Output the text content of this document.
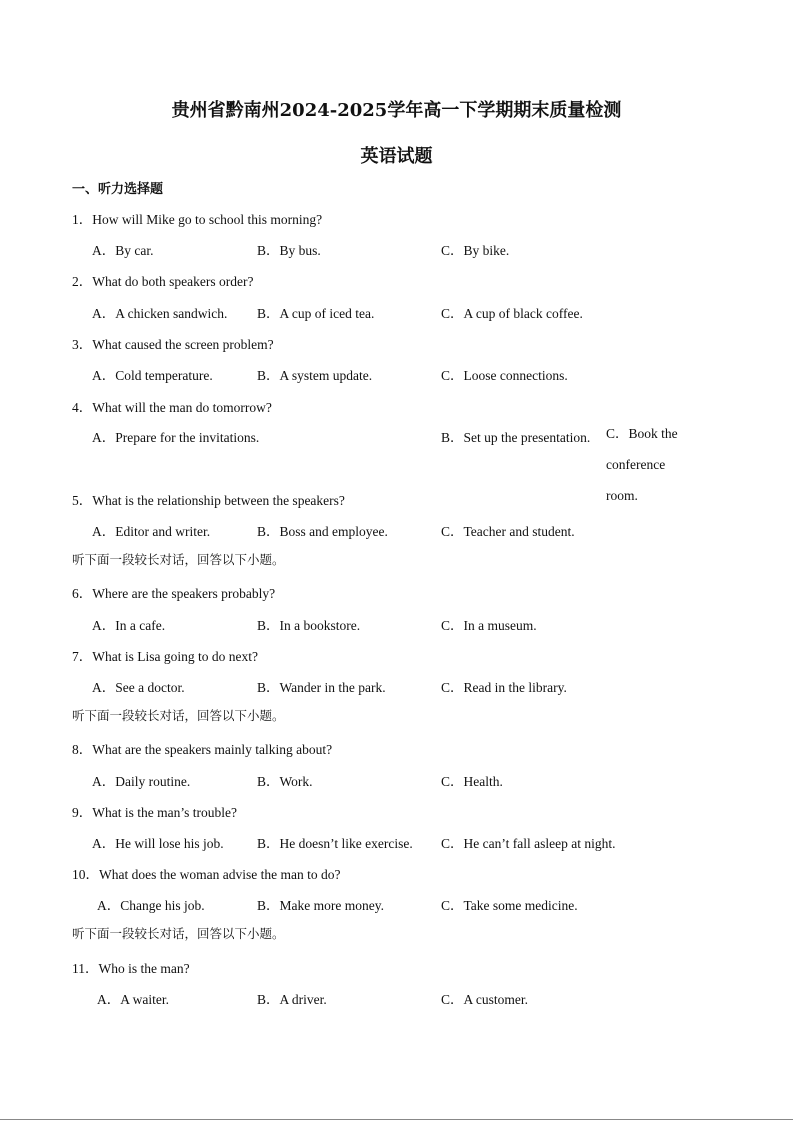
贵州省黔南州2024-2025学年高一下学期期末质量检测
英语试题
一、听力选择题
1．How will Mike go to school this morning?
A．By car.	B．By bus.	C．By bike.
2．What do both speakers order?
A．A chicken sandwich. B．A cup of iced tea.	C．A cup of black coffee.
3．What caused the screen problem?
A．Cold temperature.	B．A system update.	C．Loose connections.
4．What will the man do tomorrow?
A．Prepare for the invitations.	B．Set up the presentation. C．Book the conference room.
5．What is the relationship between the speakers?
A．Editor and writer.	B．Boss and employee.	C．Teacher and student.
听下面一段较长对话，回答以下小题。
6．Where are the speakers probably?
A．In a cafe.	B．In a bookstore.	C．In a museum.
7．What is Lisa going to do next?
A．See a doctor.	B．Wander in the park.	C．Read in the library.
听下面一段较长对话，回答以下小题。
8．What are the speakers mainly talking about?
A．Daily routine.	B．Work.	C．Health.
9．What is the man’s trouble?
A．He will lose his job. B．He doesn’t like exercise. C．He can’t fall asleep at night.
10．What does the woman advise the man to do?
A．Change his job.	B．Make more money.	C．Take some medicine.
听下面一段较长对话，回答以下小题。
11．Who is the man?
A．A waiter.	B．A driver.	C．A customer.
